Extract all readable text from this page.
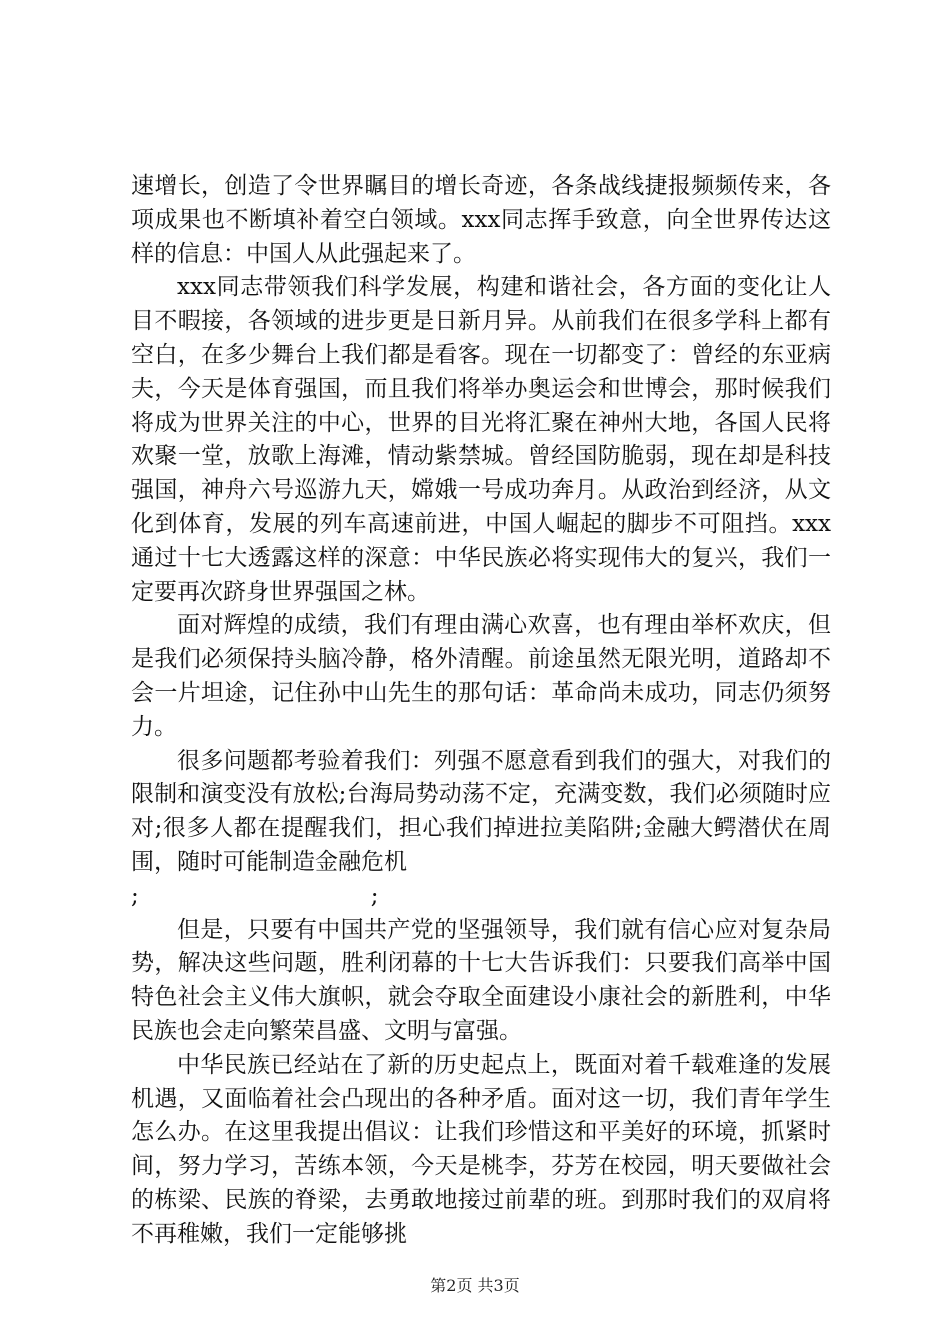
速增长，创造了令世界瞩目的增长奇迹，各条战线捷报频频传来，各项成果也不断填补着空白领域。xxx同志挥手致意，向全世界传达这样的信息：中国人从此强起来了。

xxx同志带领我们科学发展，构建和谐社会，各方面的变化让人目不暇接，各领域的进步更是日新月异。从前我们在很多学科上都有空白，在多少舞台上我们都是看客。现在一切都变了：曾经的东亚病夫，今天是体育强国，而且我们将举办奥运会和世博会，那时候我们将成为世界关注的中心，世界的目光将汇聚在神州大地，各国人民将欢聚一堂，放歌上海滩，情动紫禁城。曾经国防脆弱，现在却是科技强国，神舟六号巡游九天，嫦娥一号成功奔月。从政治到经济，从文化到体育，发展的列车高速前进，中国人崛起的脚步不可阻挡。xxx通过十七大透露这样的深意：中华民族必将实现伟大的复兴，我们一定要再次跻身世界强国之林。

面对辉煌的成绩，我们有理由满心欢喜，也有理由举杯欢庆，但是我们必须保持头脑冷静，格外清醒。前途虽然无限光明，道路却不会一片坦途，记住孙中山先生的那句话：革命尚未成功，同志仍须努力。

很多问题都考验着我们：列强不愿意看到我们的强大，对我们的限制和演变没有放松;台海局势动荡不定，充满变数，我们必须随时应对;很多人都在提醒我们，担心我们掉进拉美陷阱;金融大鳄潜伏在周围，随时可能制造金融危机

;	;

但是，只要有中国共产党的坚强领导，我们就有信心应对复杂局势，解决这些问题，胜利闭幕的十七大告诉我们：只要我们高举中国特色社会主义伟大旗帜，就会夺取全面建设小康社会的新胜利，中华民族也会走向繁荣昌盛、文明与富强。

中华民族已经站在了新的历史起点上，既面对着千载难逢的发展机遇，又面临着社会凸现出的各种矛盾。面对这一切，我们青年学生怎么办。在这里我提出倡议：让我们珍惜这和平美好的环境，抓紧时间，努力学习，苦练本领，今天是桃李，芬芳在校园，明天要做社会的栋梁、民族的脊梁，去勇敢地接过前辈的班。到那时我们的双肩将不再稚嫩，我们一定能够挑

第2页 共3页
